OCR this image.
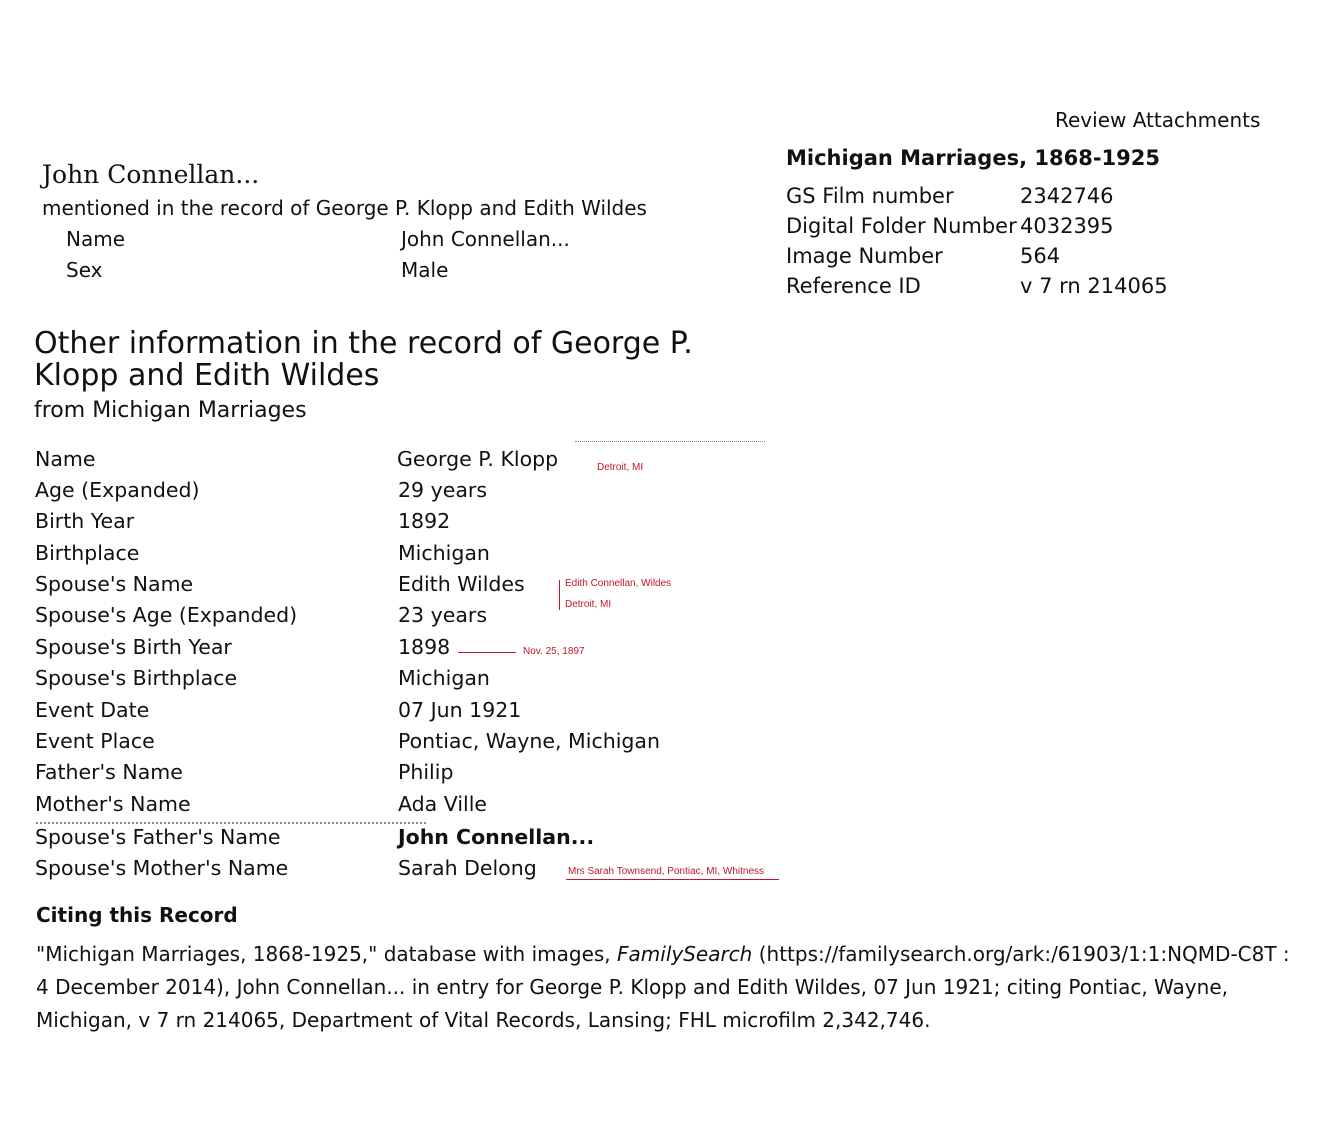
Review Attachments
John Connellan...
mentioned in the record of George P. Klopp and Edith Wildes
Name	John Connellan...
Sex	Male
Michigan Marriages, 1868-1925
GS Film number	2342746
Digital Folder Number 4032395
Image Number	564
Reference ID	v 7 rn 214065
Other information in the record of George P. Klopp and Edith Wildes
from Michigan Marriages
Name	George P. Klopp
Age (Expanded)	29 years
Birth Year	1892
Birthplace	Michigan
Spouse's Name	Edith Wildes
Spouse's Age (Expanded)	23 years
Spouse's Birth Year	1898
Spouse's Birthplace	Michigan
Event Date	07 Jun 1921
Event Place	Pontiac, Wayne, Michigan
Father's Name	Philip
Mother's Name	Ada Ville
Spouse's Father's Name	John Connellan...
Spouse's Mother's Name	Sarah Delong
Detroit, MI
Edith Connellan, Wildes
Detroit, MI
Nov. 25, 1897
Mrs Sarah Townsend, Pontiac, MI, Whitness
Citing this Record
"Michigan Marriages, 1868-1925," database with images, FamilySearch (https://familysearch.org/ark:/61903/1:1:NQMD-C8T : 4 December 2014), John Connellan... in entry for George P. Klopp and Edith Wildes, 07 Jun 1921; citing Pontiac, Wayne, Michigan, v 7 rn 214065, Department of Vital Records, Lansing; FHL microfilm 2,342,746.
